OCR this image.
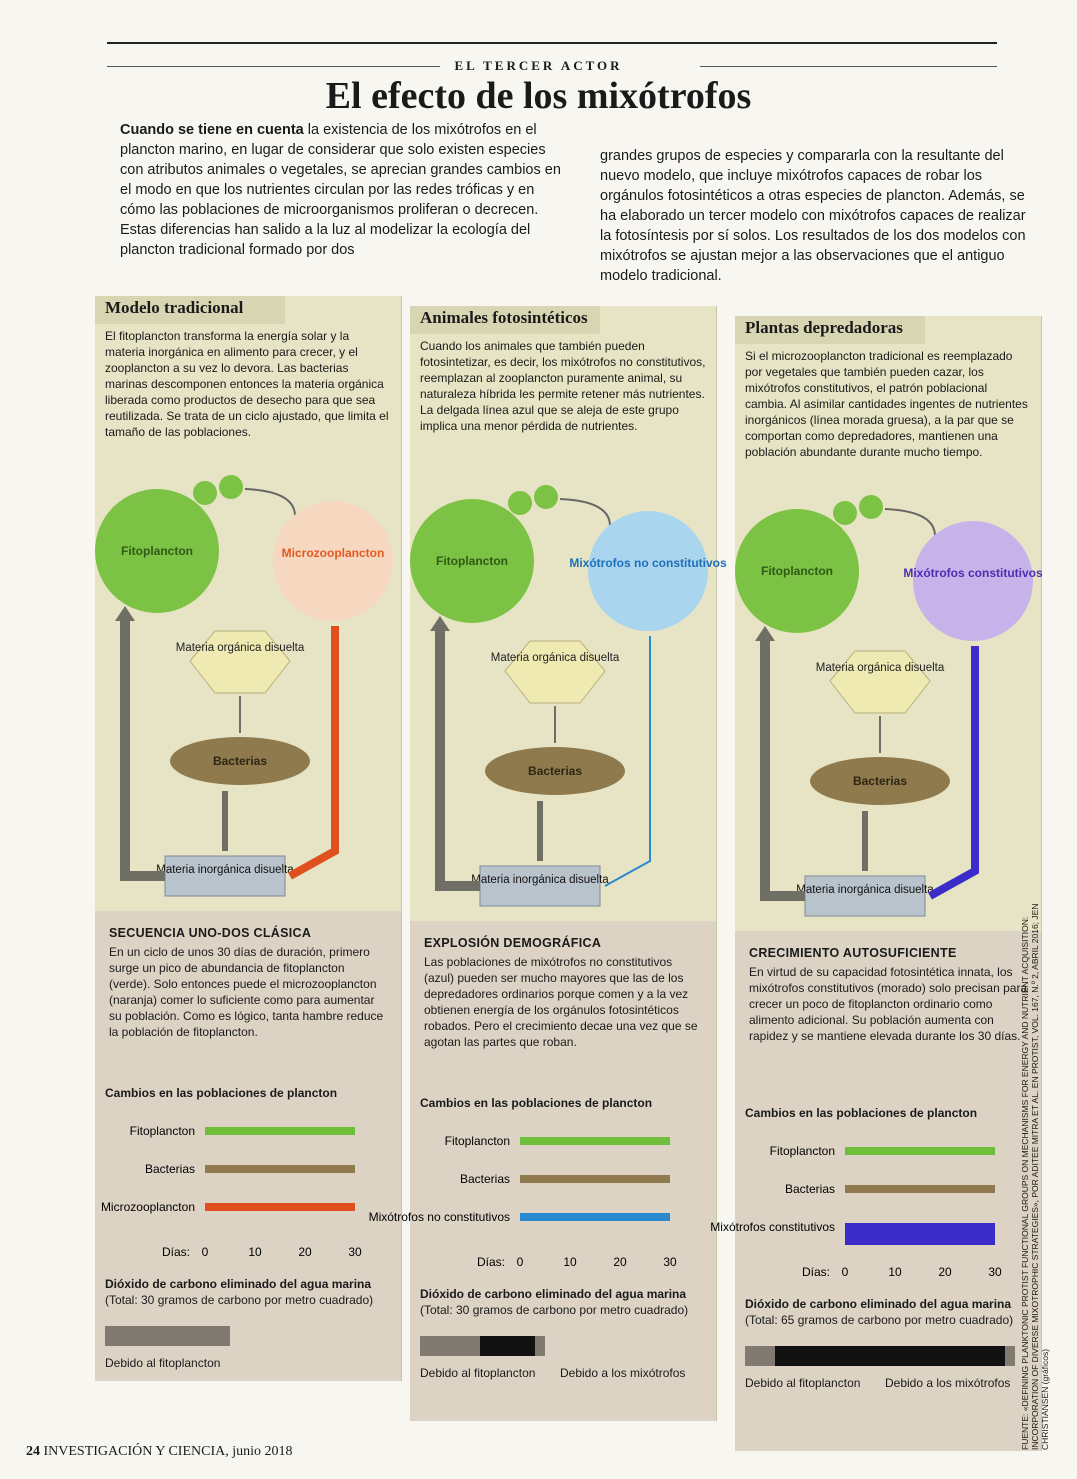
EL TERCER ACTOR
El efecto de los mixótrofos
Cuando se tiene en cuenta la existencia de los mixótrofos en el plancton marino, en lugar de considerar que solo existen especies con atributos animales o vegetales, se aprecian grandes cambios en el modo en que los nutrientes circulan por las redes tróficas y en cómo las poblaciones de microorganismos proliferan o decrecen. Estas diferencias han salido a la luz al modelizar la ecología del plancton tradicional formado por dos
grandes grupos de especies y compararla con la resultante del nuevo modelo, que incluye mixótrofos capaces de robar los orgánulos fotosintéticos a otras especies de plancton. Además, se ha elaborado un tercer modelo con mixótrofos capaces de realizar la fotosíntesis por sí solos. Los resultados de los dos modelos con mixótrofos se ajustan mejor a las observaciones que el antiguo modelo tradicional.
Modelo tradicional
El fitoplancton transforma la energía solar y la materia inorgánica en alimento para crecer, y el zooplancton a su vez lo devora. Las bacterias marinas descomponen entonces la materia orgánica liberada como productos de desecho para que sea reutilizada. Se trata de un ciclo ajustado, que limita el tamaño de las poblaciones.
Fitoplancton	Microzooplancton
Materia orgánica disuelta
Bacterias
Materia inorgánica disuelta
SECUENCIA UNO-DOS CLÁSICA
En un ciclo de unos 30 días de duración, primero surge un pico de abundancia de fitoplancton (verde). Solo entonces puede el microzooplancton (naranja) comer lo suficiente como para aumentar su población. Como es lógico, tanta hambre reduce la población de fitoplancton.
Cambios en las poblaciones de plancton
Fitoplancton
Bacterias
Microzooplancton
Días: 0	10	20	30
Dióxido de carbono eliminado del agua marina
(Total: 30 gramos de carbono por metro cuadrado)
Debido al fitoplancton
Animales fotosintéticos
Cuando los animales que también pueden fotosintetizar, es decir, los mixótrofos no constitutivos, reemplazan al zooplancton puramente animal, su naturaleza híbrida les permite retener más nutrientes. La delgada línea azul que se aleja de este grupo implica una menor pérdida de nutrientes.
Fitoplancton	Mixótrofos no constitutivos
Materia orgánica disuelta
Bacterias
Materia inorgánica disuelta
EXPLOSIÓN DEMOGRÁFICA
Las poblaciones de mixótrofos no constitutivos (azul) pueden ser mucho mayores que las de los depredadores ordinarios porque comen y a la vez obtienen energía de los orgánulos fotosintéticos robados. Pero el crecimiento decae una vez que se agotan las partes que roban.
Cambios en las poblaciones de plancton
Fitoplancton
Bacterias
Mixótrofos no constitutivos
Días: 0	10	20	30
Dióxido de carbono eliminado del agua marina
(Total: 30 gramos de carbono por metro cuadrado)
Debido al fitoplancton Debido a los mixótrofos
Plantas depredadoras
Si el microzooplancton tradicional es reemplazado por vegetales que también pueden cazar, los mixótrofos constitutivos, el patrón poblacional cambia. Al asimilar cantidades ingentes de nutrientes inorgánicos (línea morada gruesa), a la par que se comportan como depredadores, mantienen una población abundante durante mucho tiempo.
Fitoplancton	Mixótrofos constitutivos
Materia orgánica disuelta
Bacterias
Materia inorgánica disuelta
CRECIMIENTO AUTOSUFICIENTE
En virtud de su capacidad fotosintética innata, los mixótrofos constitutivos (morado) solo precisan para crecer un poco de fitoplancton ordinario como alimento adicional. Su población aumenta con rapidez y se mantiene elevada durante los 30 días.
Cambios en las poblaciones de plancton
Fitoplancton
Bacterias
Mixótrofos constitutivos
Días: 0	10	20	30
Dióxido de carbono eliminado del agua marina
(Total: 65 gramos de carbono por metro cuadrado)
Debido al fitoplancton Debido a los mixótrofos
24 INVESTIGACIÓN Y CIENCIA, junio 2018
FUENTE: «DEFINING PLANKTONIC PROTIST FUNCTIONAL GROUPS ON MECHANISMS FOR ENERGY AND NUTRIENT ACQUISITION: INCORPORATION OF DIVERSE MIXOTROPHIC STRATEGIES», POR ADITEE MITRA ET AL. EN PROTIST, VOL. 167, N.º 2, ABRIL 2016; JEN CHRISTIANSEN (gráficos)
